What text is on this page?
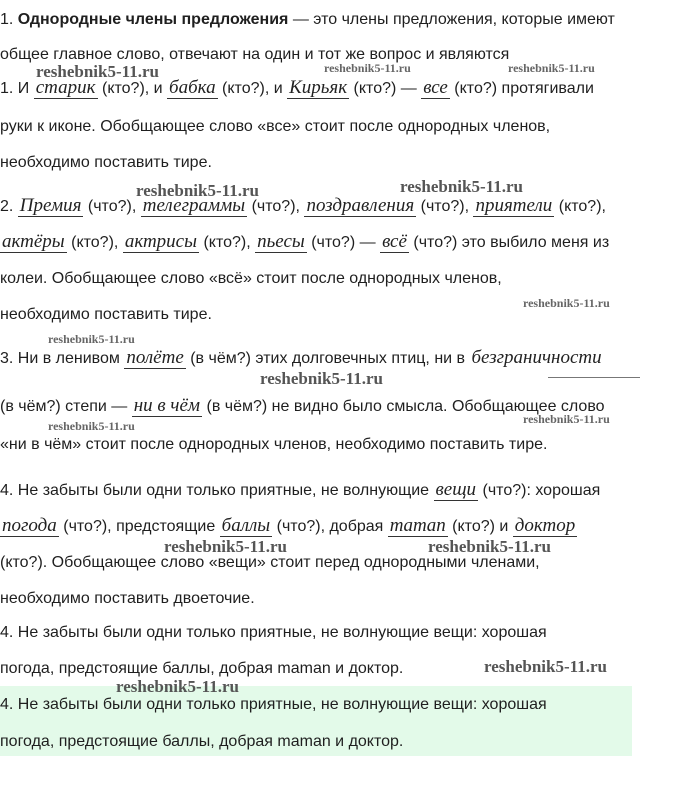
1. Однородные члены предложения — это члены предложения, которые имеют
общее главное слово, отвечают на один и тот же вопрос и являются
1. И старик (кто?), и бабка (кто?), и Кирьяк (кто?) — все (кто?) протягивали
руки к иконе. Обобщающее слово «все» стоит после однородных членов,
необходимо поставить тире.
2. Премия (что?), телеграммы (что?), поздравления (что?), приятели (кто?),
актёры (кто?), актрисы (кто?), пьесы (что?) — всё (что?) это выбило меня из
колеи. Обобщающее слово «всё» стоит после однородных членов,
необходимо поставить тире.
3. Ни в ленивом полёте (в чём?) этих долговечных птиц, ни в безграничности
(в чём?) степи — ни в чём (в чём?) не видно было смысла. Обобщающее слово
«ни в чём» стоит после однородных членов, необходимо поставить тире.
4. Не забыты были одни только приятные, не волнующие вещи (что?): хорошая
погода (что?), предстоящие баллы (что?), добрая maman (кто?) и доктор
(кто?). Обобщающее слово «вещи» стоит перед однородными членами,
необходимо поставить двоеточие.
4. Не забыты были одни только приятные, не волнующие вещи: хорошая
погода, предстоящие баллы, добрая maman и доктор.
4. Не забыты были одни только приятные, не волнующие вещи: хорошая
погода, предстоящие баллы, добрая maman и доктор.
reshebnik5-11.ru	reshebnik5-11.ru	reshebnik5-11.ru
reshebnik5-11.ru	reshebnik5-11.ru
reshebnik5-11.ru
reshebnik5-11.ru
reshebnik5-11.ru
reshebnik5-11.ru	reshebnik5-11.ru
reshebnik5-11.ru	reshebnik5-11.ru
reshebnik5-11.ru
reshebnik5-11.ru
